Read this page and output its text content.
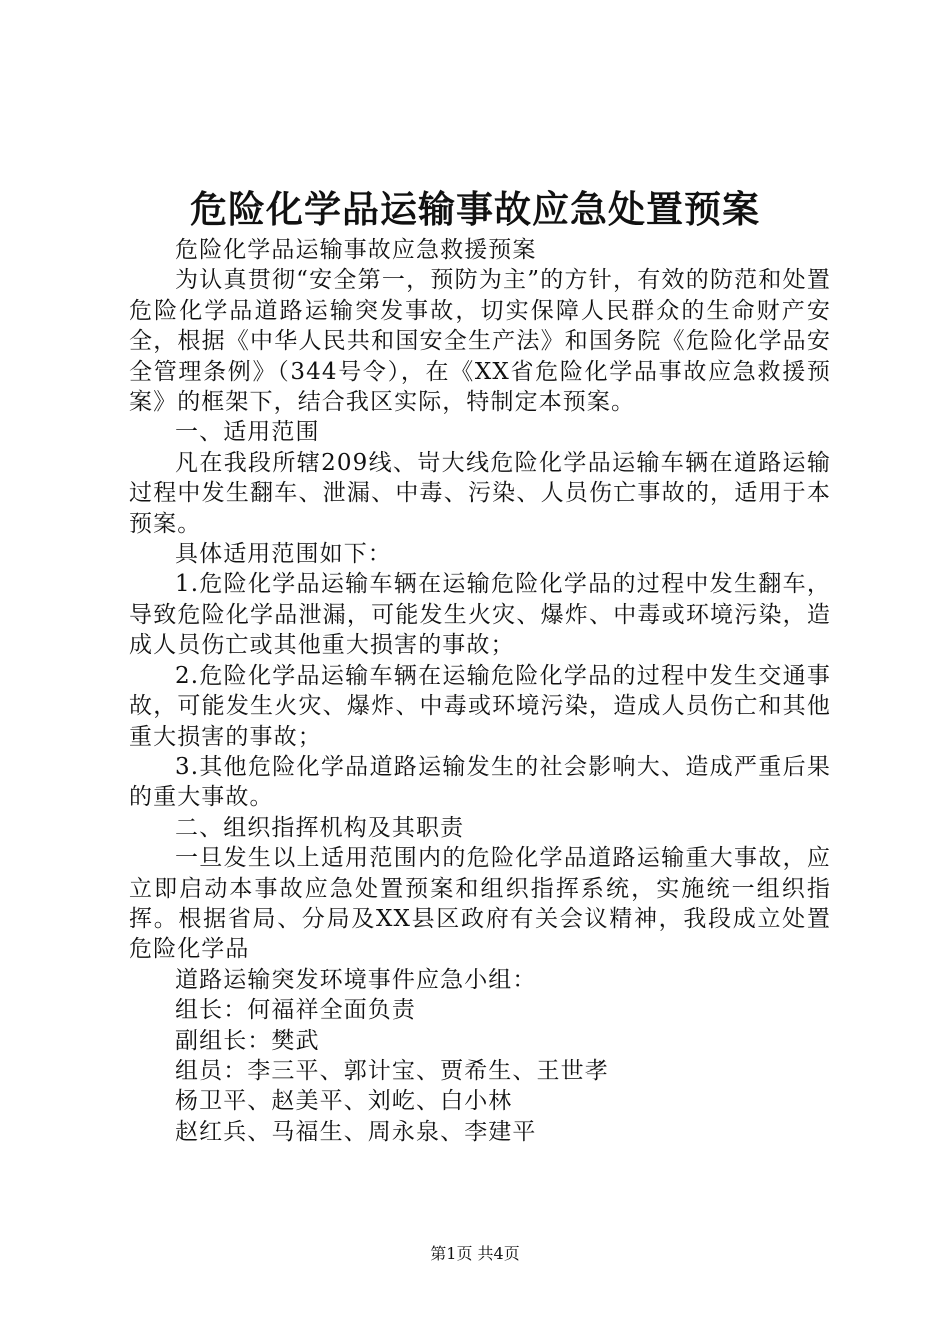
危险化学品运输事故应急处置预案

危险化学品运输事故应急救援预案

为认真贯彻“安全第一，预防为主”的方针，有效的防范和处置危险化学品道路运输突发事故，切实保障人民群众的生命财产安全，根据《中华人民共和国安全生产法》和国务院《危险化学品安全管理条例》（344号令），在《XX省危险化学品事故应急救援预案》的框架下，结合我区实际，特制定本预案。

一、适用范围

凡在我段所辖209线、岢大线危险化学品运输车辆在道路运输过程中发生翻车、泄漏、中毒、污染、人员伤亡事故的，适用于本预案。

具体适用范围如下：

1.危险化学品运输车辆在运输危险化学品的过程中发生翻车，导致危险化学品泄漏，可能发生火灾、爆炸、中毒或环境污染，造成人员伤亡或其他重大损害的事故；

2.危险化学品运输车辆在运输危险化学品的过程中发生交通事故，可能发生火灾、爆炸、中毒或环境污染，造成人员伤亡和其他重大损害的事故；

3.其他危险化学品道路运输发生的社会影响大、造成严重后果的重大事故。

二、组织指挥机构及其职责

一旦发生以上适用范围内的危险化学品道路运输重大事故，应立即启动本事故应急处置预案和组织指挥系统，实施统一组织指挥。根据省局、分局及XX县区政府有关会议精神，我段成立处置危险化学品

道路运输突发环境事件应急小组：

组长：何福祥全面负责

副组长：樊武

组员：李三平、郭计宝、贾希生、王世孝

杨卫平、赵美平、刘屹、白小林

赵红兵、马福生、周永泉、李建平

第1页 共4页
